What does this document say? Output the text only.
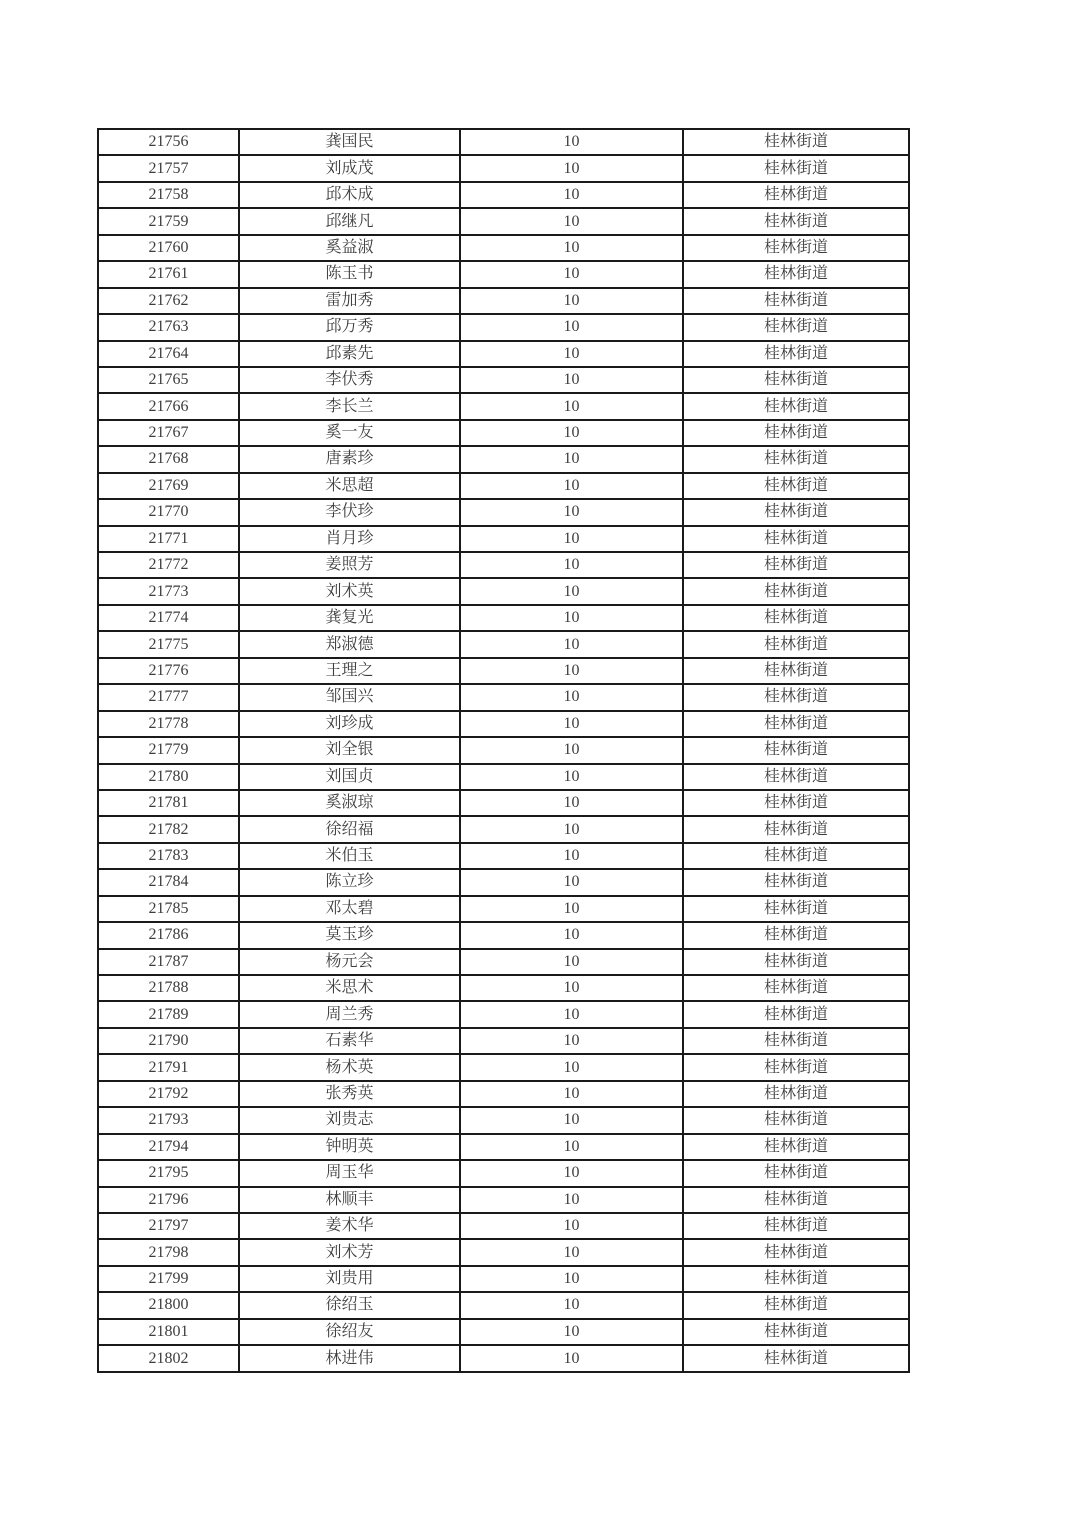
21756	龚国民	10	桂林街道
21757	刘成茂	10	桂林街道
21758	邱术成	10	桂林街道
21759	邱继凡	10	桂林街道
21760	奚益淑	10	桂林街道
21761	陈玉书	10	桂林街道
21762	雷加秀	10	桂林街道
21763	邱万秀	10	桂林街道
21764	邱素先	10	桂林街道
21765	李伏秀	10	桂林街道
21766	李长兰	10	桂林街道
21767	奚一友	10	桂林街道
21768	唐素珍	10	桂林街道
21769	米思超	10	桂林街道
21770	李伏珍	10	桂林街道
21771	肖月珍	10	桂林街道
21772	姜照芳	10	桂林街道
21773	刘术英	10	桂林街道
21774	龚复光	10	桂林街道
21775	郑淑德	10	桂林街道
21776	王理之	10	桂林街道
21777	邹国兴	10	桂林街道
21778	刘珍成	10	桂林街道
21779	刘全银	10	桂林街道
21780	刘国贞	10	桂林街道
21781	奚淑琼	10	桂林街道
21782	徐绍福	10	桂林街道
21783	米伯玉	10	桂林街道
21784	陈立珍	10	桂林街道
21785	邓太碧	10	桂林街道
21786	莫玉珍	10	桂林街道
21787	杨元会	10	桂林街道
21788	米思术	10	桂林街道
21789	周兰秀	10	桂林街道
21790	石素华	10	桂林街道
21791	杨术英	10	桂林街道
21792	张秀英	10	桂林街道
21793	刘贵志	10	桂林街道
21794	钟明英	10	桂林街道
21795	周玉华	10	桂林街道
21796	林顺丰	10	桂林街道
21797	姜术华	10	桂林街道
21798	刘术芳	10	桂林街道
21799	刘贵用	10	桂林街道
21800	徐绍玉	10	桂林街道
21801	徐绍友	10	桂林街道
21802	林进伟	10	桂林街道
